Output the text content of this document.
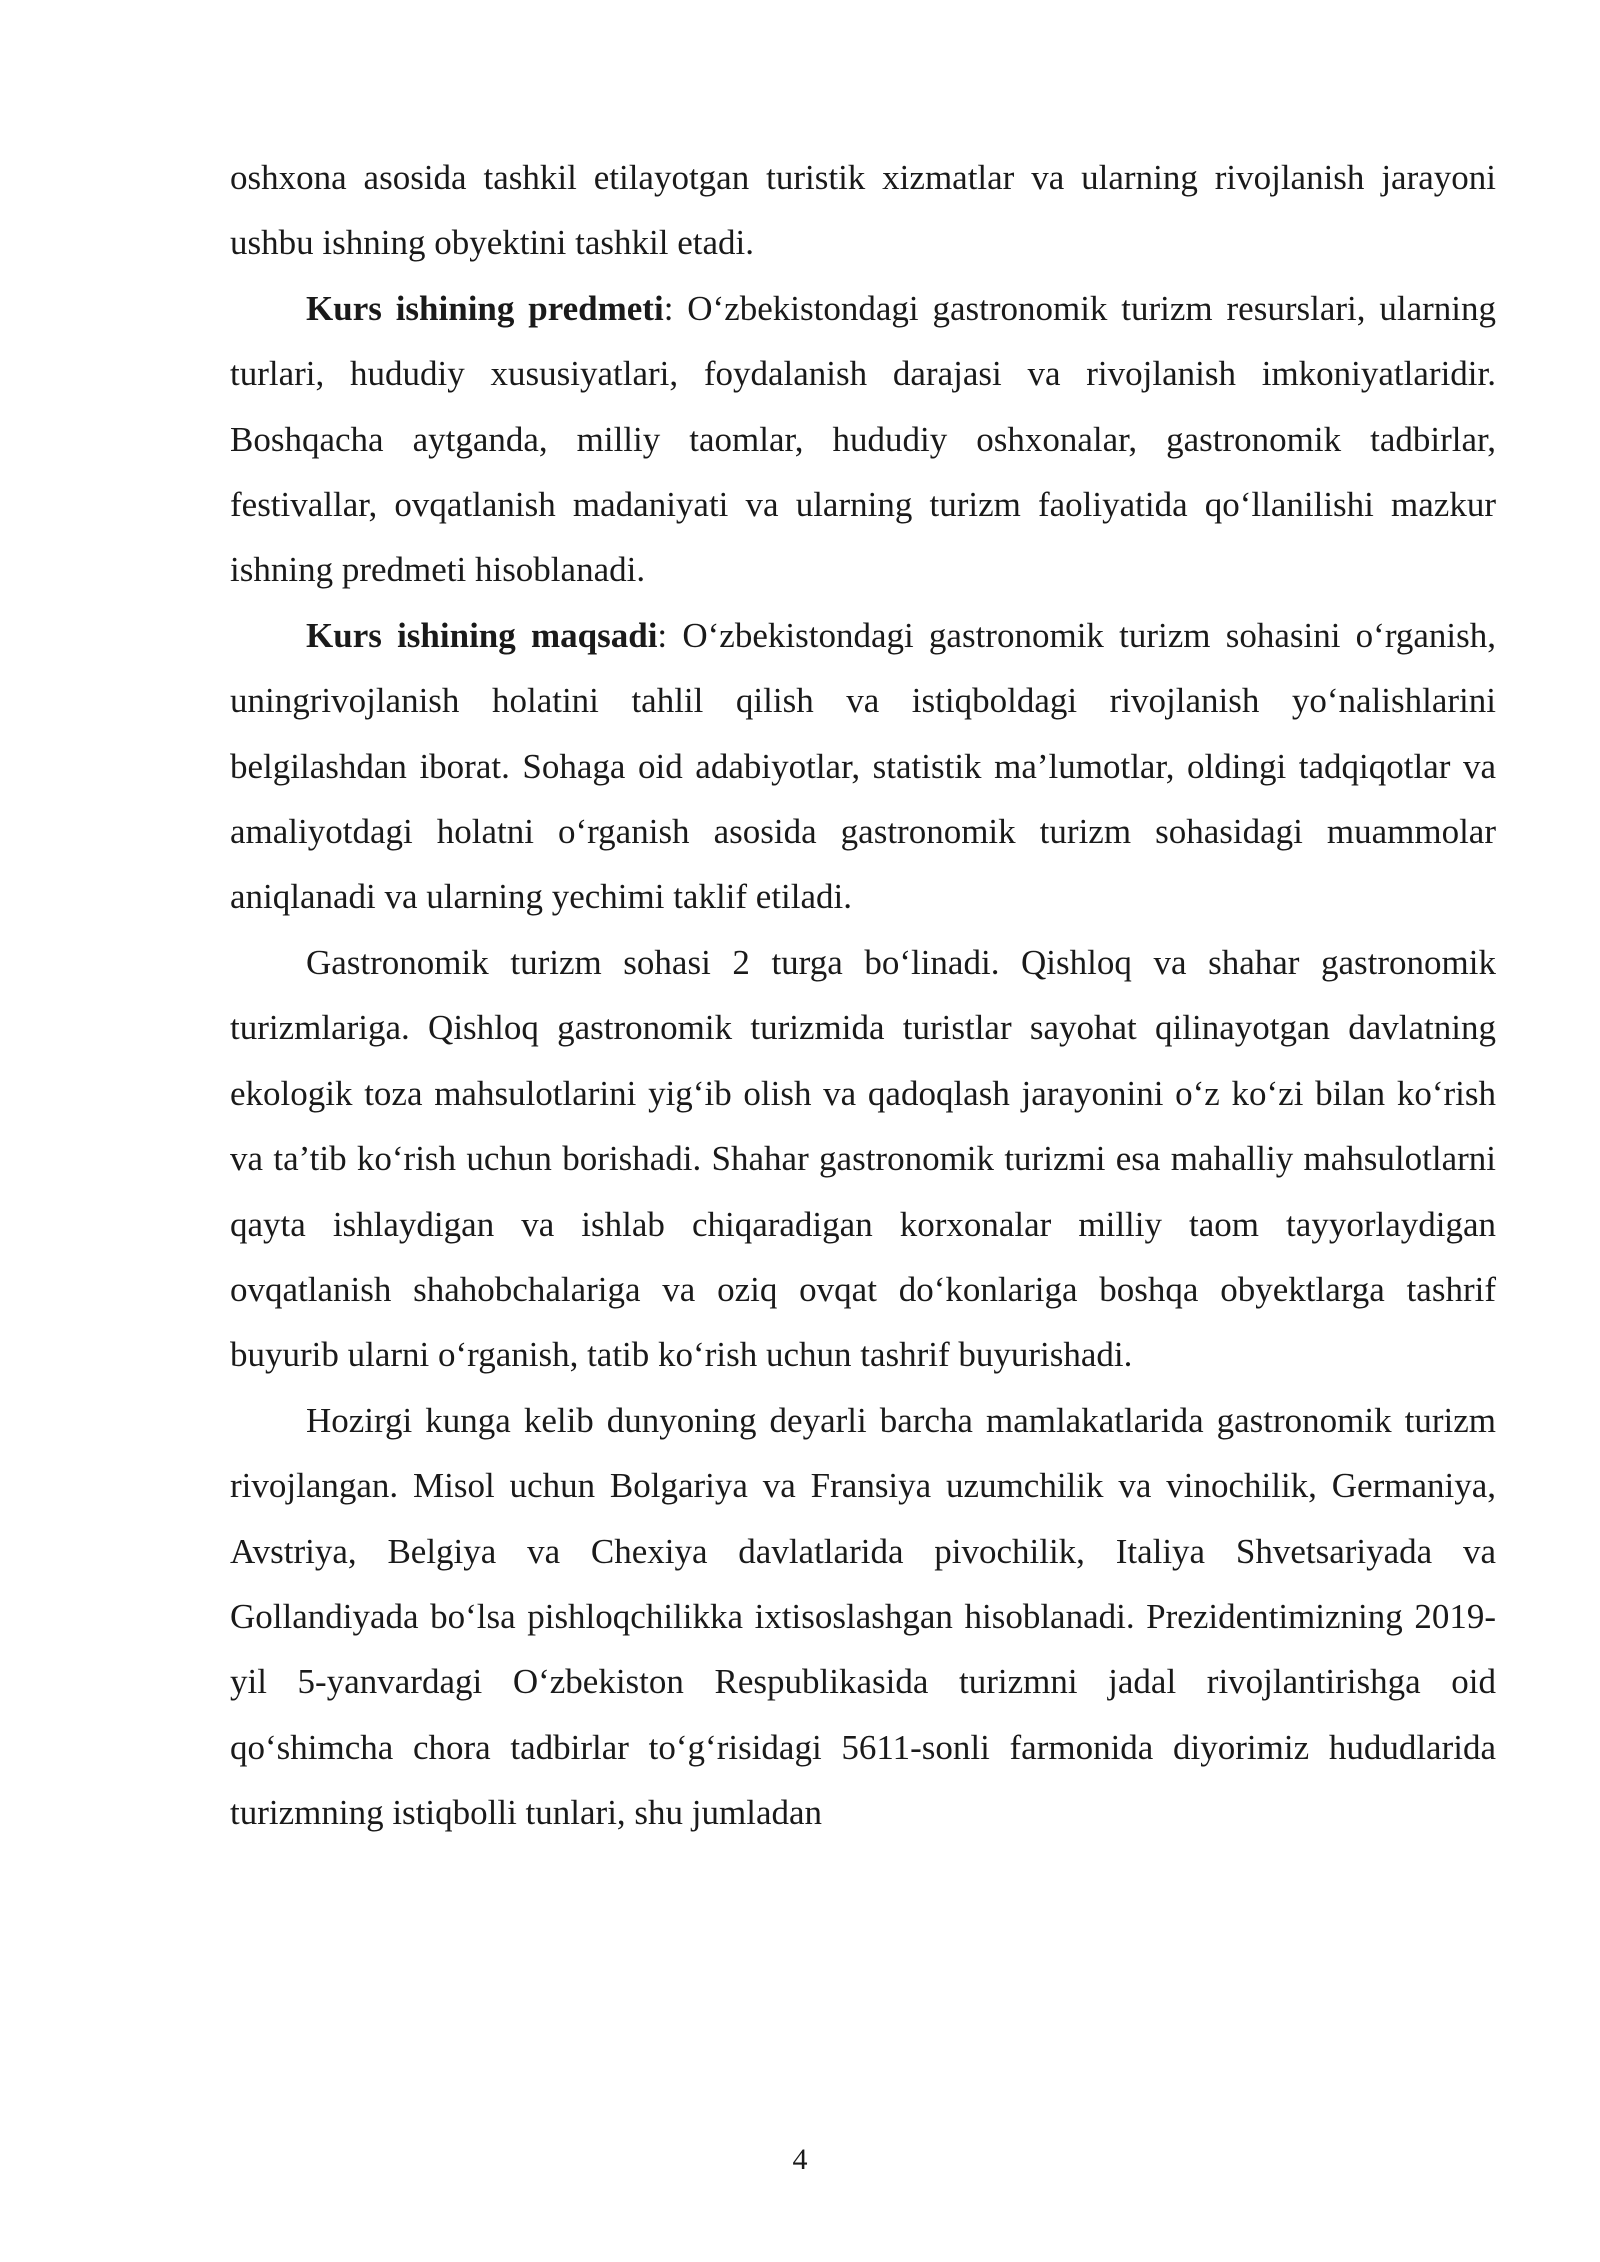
oshxona asosida tashkil etilayotgan turistik xizmatlar va ularning rivojlanish jarayoni ushbu ishning obyektini tashkil etadi.

Kurs ishining predmeti: O‘zbekistondagi gastronomik turizm resurslari, ularning turlari, hududiy xususiyatlari, foydalanish darajasi va rivojlanish imkoniyatlaridir. Boshqacha aytganda, milliy taomlar, hududiy oshxonalar, gastronomik tadbirlar, festivallar, ovqatlanish madaniyati va ularning turizm faoliyatida qo‘llanilishi mazkur ishning predmeti hisoblanadi.

Kurs ishining maqsadi: O‘zbekistondagi gastronomik turizm sohasini o‘rganish, uningrivojlanish holatini tahlil qilish va istiqboldagi rivojlanish yo‘nalishlarini belgilashdan iborat. Sohaga oid adabiyotlar, statistik ma’lumotlar, oldingi tadqiqotlar va amaliyotdagi holatni o‘rganish asosida gastronomik turizm sohasidagi muammolar aniqlanadi va ularning yechimi taklif etiladi.

Gastronomik turizm sohasi 2 turga bo‘linadi. Qishloq va shahar gastronomik turizmlariga. Qishloq gastronomik turizmida turistlar sayohat qilinayotgan davlatning ekologik toza mahsulotlarini yig‘ib olish va qadoqlash jarayonini o‘z ko‘zi bilan ko‘rish va ta’tib ko‘rish uchun borishadi. Shahar gastronomik turizmi esa mahalliy mahsulotlarni qayta ishlaydigan va ishlab chiqaradigan korxonalar milliy taom tayyorlaydigan ovqatlanish shahobchalariga va oziq ovqat do‘konlariga boshqa obyektlarga tashrif buyurib ularni o‘rganish, tatib ko‘rish uchun tashrif buyurishadi.

Hozirgi kunga kelib dunyoning deyarli barcha mamlakatlarida gastronomik turizm rivojlangan. Misol uchun Bolgariya va Fransiya uzumchilik va vinochilik, Germaniya, Avstriya, Belgiya va Chexiya davlatlarida pivochilik, Italiya Shvetsariyada va Gollandiyada bo‘lsa pishloqchilikka ixtisoslashgan hisoblanadi. Prezidentimizning 2019-yil 5-yanvardagi O‘zbekiston Respublikasida turizmni jadal rivojlantirishga oid qo‘shimcha chora tadbirlar to‘g‘risidagi 5611-sonli farmonida diyorimiz hududlarida turizmning istiqbolli tunlari, shu jumladan

4
